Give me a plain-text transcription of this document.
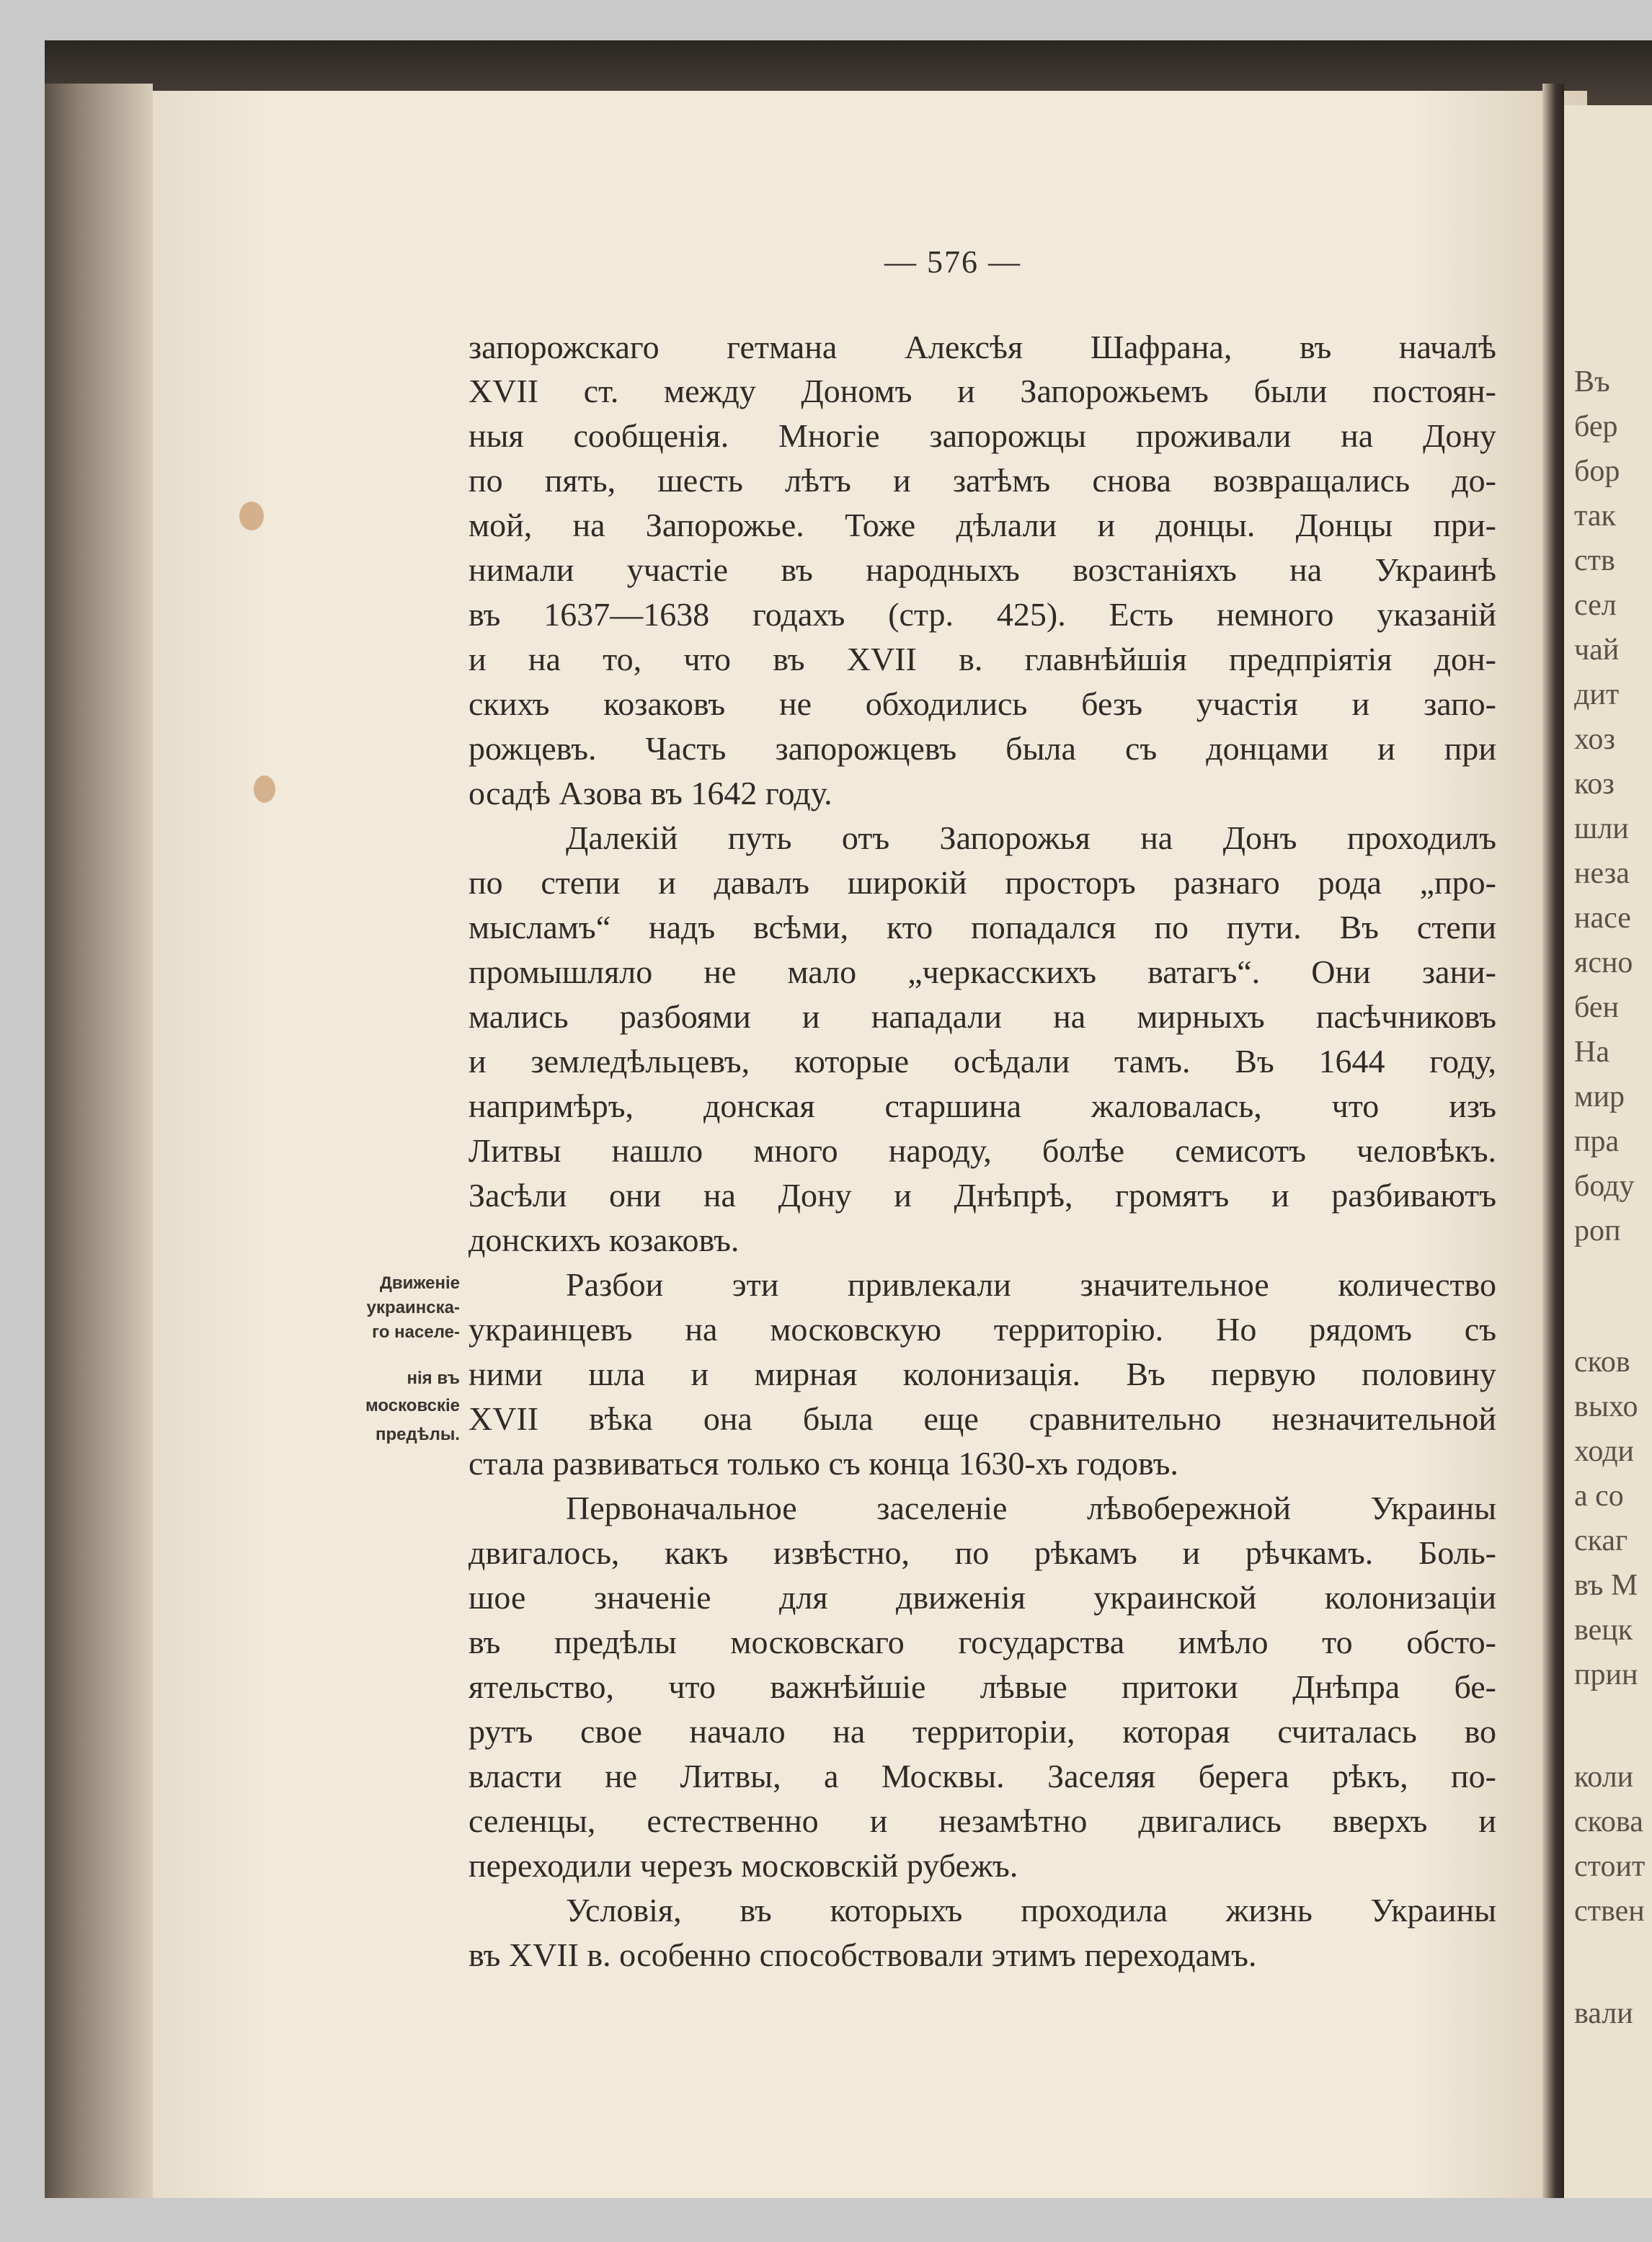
Въ
бер
бор
так
ств
сел
чай
дит
хоз
коз
шли
неза
насе
ясно
бен
На
мир
пра
боду
роп
сков
выхо
ходи
а со
скаг
въ М
вецк
прин
коли
скова
стоит
ствен
вали
— 576 —
запорожскаго гетмана Алексѣя Шафрана, въ началѣ
XVII ст. между Дономъ и Запорожьемъ были постоян-
ныя сообщенія. Многіе запорожцы проживали на Дону
по пять, шесть лѣтъ и затѣмъ снова возвращались до-
мой, на Запорожье. Тоже дѣлали и донцы. Донцы при-
нимали участіе въ народныхъ возстаніяхъ на Украинѣ
въ 1637—1638 годахъ (стр. 425). Есть немного указаній
и на то, что въ XVII в. главнѣйшія предпріятія дон-
скихъ козаковъ не обходились безъ участія и запо-
рожцевъ. Часть запорожцевъ была съ донцами и при
осадѣ Азова въ 1642 году.
Далекій путь отъ Запорожья на Донъ проходилъ
по степи и давалъ широкій просторъ разнаго рода „про-
мысламъ“ надъ всѣми, кто попадался по пути. Въ степи
промышляло не мало „черкасскихъ ватагъ“. Они зани-
мались разбоями и нападали на мирныхъ пасѣчниковъ
и земледѣльцевъ, которые осѣдали тамъ. Въ 1644 году,
напримѣръ, донская старшина жаловалась, что изъ
Литвы нашло много народу, болѣе семисотъ человѣкъ.
Засѣли они на Дону и Днѣпрѣ, громятъ и разбиваютъ
донскихъ козаковъ.
Разбои эти привлекали значительное количество
украинцевъ на московскую территорію. Но рядомъ съ
ними шла и мирная колонизація. Въ первую половину
XVII вѣка она была еще сравнительно незначительной
стала развиваться только съ конца 1630-хъ годовъ.
Первоначальное заселеніе лѣвобережной Украины
двигалось, какъ извѣстно, по рѣкамъ и рѣчкамъ. Боль-
шое значеніе для движенія украинской колонизаціи
въ предѣлы московскаго государства имѣло то обсто-
ятельство, что важнѣйшіе лѣвые притоки Днѣпра бе-
рутъ свое начало на территоріи, которая считалась во
власти не Литвы, а Москвы. Заселяя берега рѣкъ, по-
селенцы, естественно и незамѣтно двигались вверхъ и
переходили черезъ московскій рубежъ.
Условія, въ которыхъ проходила жизнь Украины
въ XVII в. особенно способствовали этимъ переходамъ.
Движеніе
украинска-
го населе-
нія въ
московскіе
предѣлы.
